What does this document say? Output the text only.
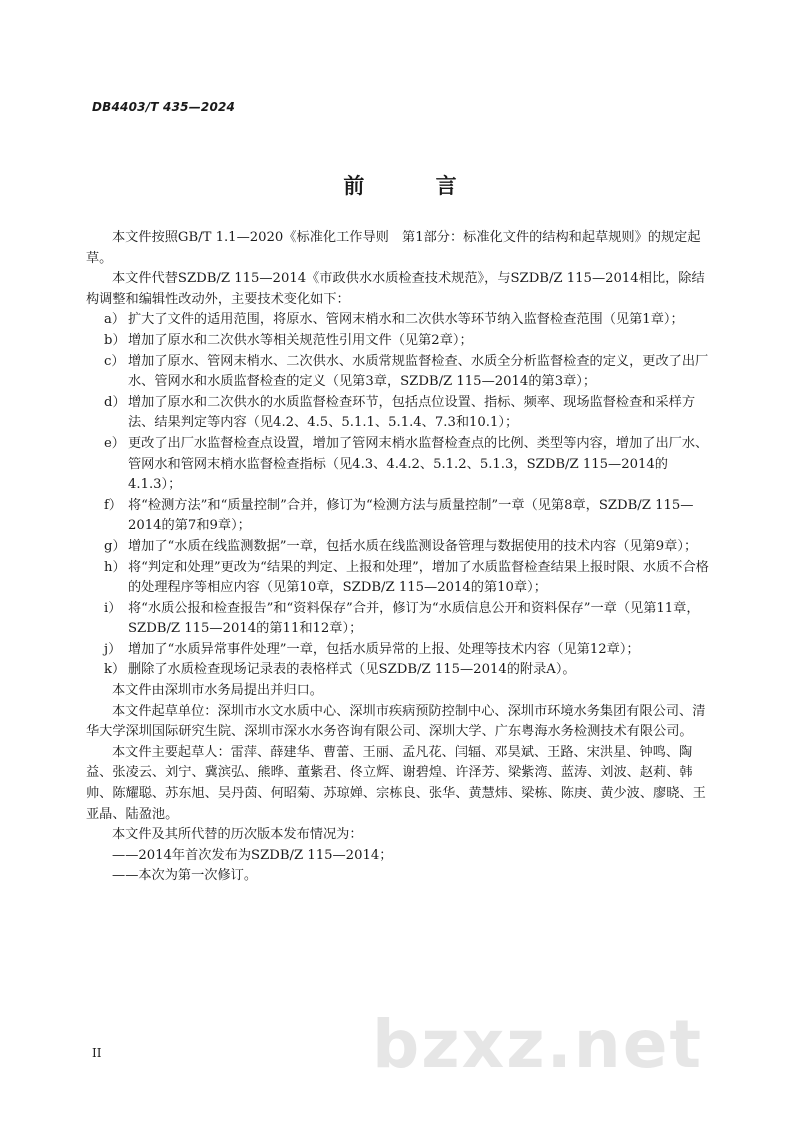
DB4403/T 435—2024
前 言

本文件按照GB/T 1.1—2020《标准化工作导则　第1部分：标准化文件的结构和起草规则》的规定起草。

本文件代替SZDB/Z 115—2014《市政供水水质检查技术规范》，与SZDB/Z 115—2014相比，除结构调整和编辑性改动外，主要技术变化如下：

a） 扩大了文件的适用范围，将原水、管网末梢水和二次供水等环节纳入监督检查范围（见第1章）；

b） 增加了原水和二次供水等相关规范性引用文件（见第2章）；

c） 增加了原水、管网末梢水、二次供水、水质常规监督检查、水质全分析监督检查的定义，更改了出厂水、管网水和水质监督检查的定义（见第3章，SZDB/Z 115—2014的第3章）；

d） 增加了原水和二次供水的水质监督检查环节，包括点位设置、指标、频率、现场监督检查和采样方法、结果判定等内容（见4.2、4.5、5.1.1、5.1.4、7.3和10.1）；

e） 更改了出厂水监督检查点设置，增加了管网末梢水监督检查点的比例、类型等内容，增加了出厂水、管网水和管网末梢水监督检查指标（见4.3、4.4.2、5.1.2、5.1.3，SZDB/Z 115—2014的4.1.3）；

f） 将“检测方法”和“质量控制”合并，修订为“检测方法与质量控制”一章（见第8章，SZDB/Z 115—2014的第7和9章）；

g） 增加了“水质在线监测数据”一章，包括水质在线监测设备管理与数据使用的技术内容（见第9章）；

h） 将“判定和处理”更改为“结果的判定、上报和处理”，增加了水质监督检查结果上报时限、水质不合格的处理程序等相应内容（见第10章，SZDB/Z 115—2014的第10章）；

i） 将“水质公报和检查报告”和“资料保存”合并，修订为“水质信息公开和资料保存”一章（见第11章，SZDB/Z 115—2014的第11和12章）；

j） 增加了“水质异常事件处理”一章，包括水质异常的上报、处理等技术内容（见第12章）；

k） 删除了水质检查现场记录表的表格样式（见SZDB/Z 115—2014的附录A）。

本文件由深圳市水务局提出并归口。

本文件起草单位：深圳市水文水质中心、深圳市疾病预防控制中心、深圳市环境水务集团有限公司、清华大学深圳国际研究生院、深圳市深水水务咨询有限公司、深圳大学、广东粤海水务检测技术有限公司。

本文件主要起草人：雷萍、薛建华、曹蕾、王丽、孟凡花、闫辐、邓昊斌、王路、宋洪星、钟鸣、陶益、张凌云、刘宁、冀滨弘、熊晔、董紫君、佟立辉、谢碧煌、许泽芳、梁紫湾、蓝涛、刘波、赵莉、韩帅、陈耀聪、苏东旭、吴丹茵、何昭菊、苏琼婵、宗栋良、张华、黄慧炜、梁栋、陈庚、黄少波、廖晓、王亚晶、陆盈池。

本文件及其所代替的历次版本发布情况为：

——2014年首次发布为SZDB/Z 115—2014；

——本次为第一次修订。

bzxz.net
II
